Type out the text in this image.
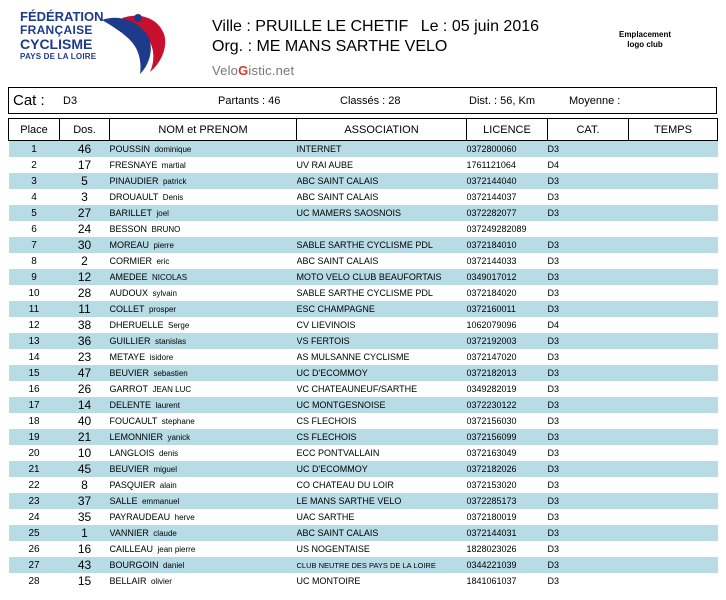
FÉDÉRATION
FRANÇAISE
CYCLISME
PAYS DE LA LOIRE
Ville : PRUILLE LE CHETIF Le : 05 juin 2016
Org. : ME MANS SARTHE VELO
VeloGistic.net
Emplacement
logo club
Cat : D3	Partants : 46	Classés : 28	Dist. : 56, Km	Moyenne :
Place	Dos.	NOM et PRENOM	ASSOCIATION	LICENCE	CAT.	TEMPS
1	46	POUSSIN dominique	INTERNET	0372800060	D3	
2	17	FRESNAYE martial	UV RAI AUBE	1761121064	D4	
3	5	PINAUDIER patrick	ABC SAINT CALAIS	0372144040	D3	
4	3	DROUAULT Denis	ABC SAINT CALAIS	0372144037	D3	
5	27	BARILLET joel	UC MAMERS SAOSNOIS	0372282077	D3	
6	24	BESSON BRUNO		037249282089		
7	30	MOREAU pierre	SABLE SARTHE CYCLISME PDL	0372184010	D3	
8	2	CORMIER eric	ABC SAINT CALAIS	0372144033	D3	
9	12	AMEDEE NICOLAS	MOTO VELO CLUB BEAUFORTAIS	0349017012	D3	
10	28	AUDOUX sylvain	SABLE SARTHE CYCLISME PDL	0372184020	D3	
11	11	COLLET prosper	ESC CHAMPAGNE	0372160011	D3	
12	38	DHERUELLE Serge	CV LIEVINOIS	1062079096	D4	
13	36	GUILLIER stanislas	VS FERTOIS	0372192003	D3	
14	23	METAYE isidore	AS MULSANNE CYCLISME	0372147020	D3	
15	47	BEUVIER sebastien	UC D'ECOMMOY	0372182013	D3	
16	26	GARROT JEAN LUC	VC CHATEAUNEUF/SARTHE	0349282019	D3	
17	14	DELENTE laurent	UC MONTGESNOISE	0372230122	D3	
18	40	FOUCAULT stephane	CS FLECHOIS	0372156030	D3	
19	21	LEMONNIER yanick	CS FLECHOIS	0372156099	D3	
20	10	LANGLOIS denis	ECC PONTVALLAIN	0372163049	D3	
21	45	BEUVIER miguel	UC D'ECOMMOY	0372182026	D3	
22	8	PASQUIER alain	CO CHATEAU DU LOIR	0372153020	D3	
23	37	SALLE emmanuel	LE MANS SARTHE VELO	0372285173	D3	
24	35	PAYRAUDEAU herve	UAC SARTHE	0372180019	D3	
25	1	VANNIER claude	ABC SAINT CALAIS	0372144031	D3	
26	16	CAILLEAU jean pierre	US NOGENTAISE	1828023026	D3	
27	43	BOURGOIN daniel	CLUB NEUTRE DES PAYS DE LA LOIRE	0344221039	D3	
28	15	BELLAIR olivier	UC MONTOIRE	1841061037	D3	
